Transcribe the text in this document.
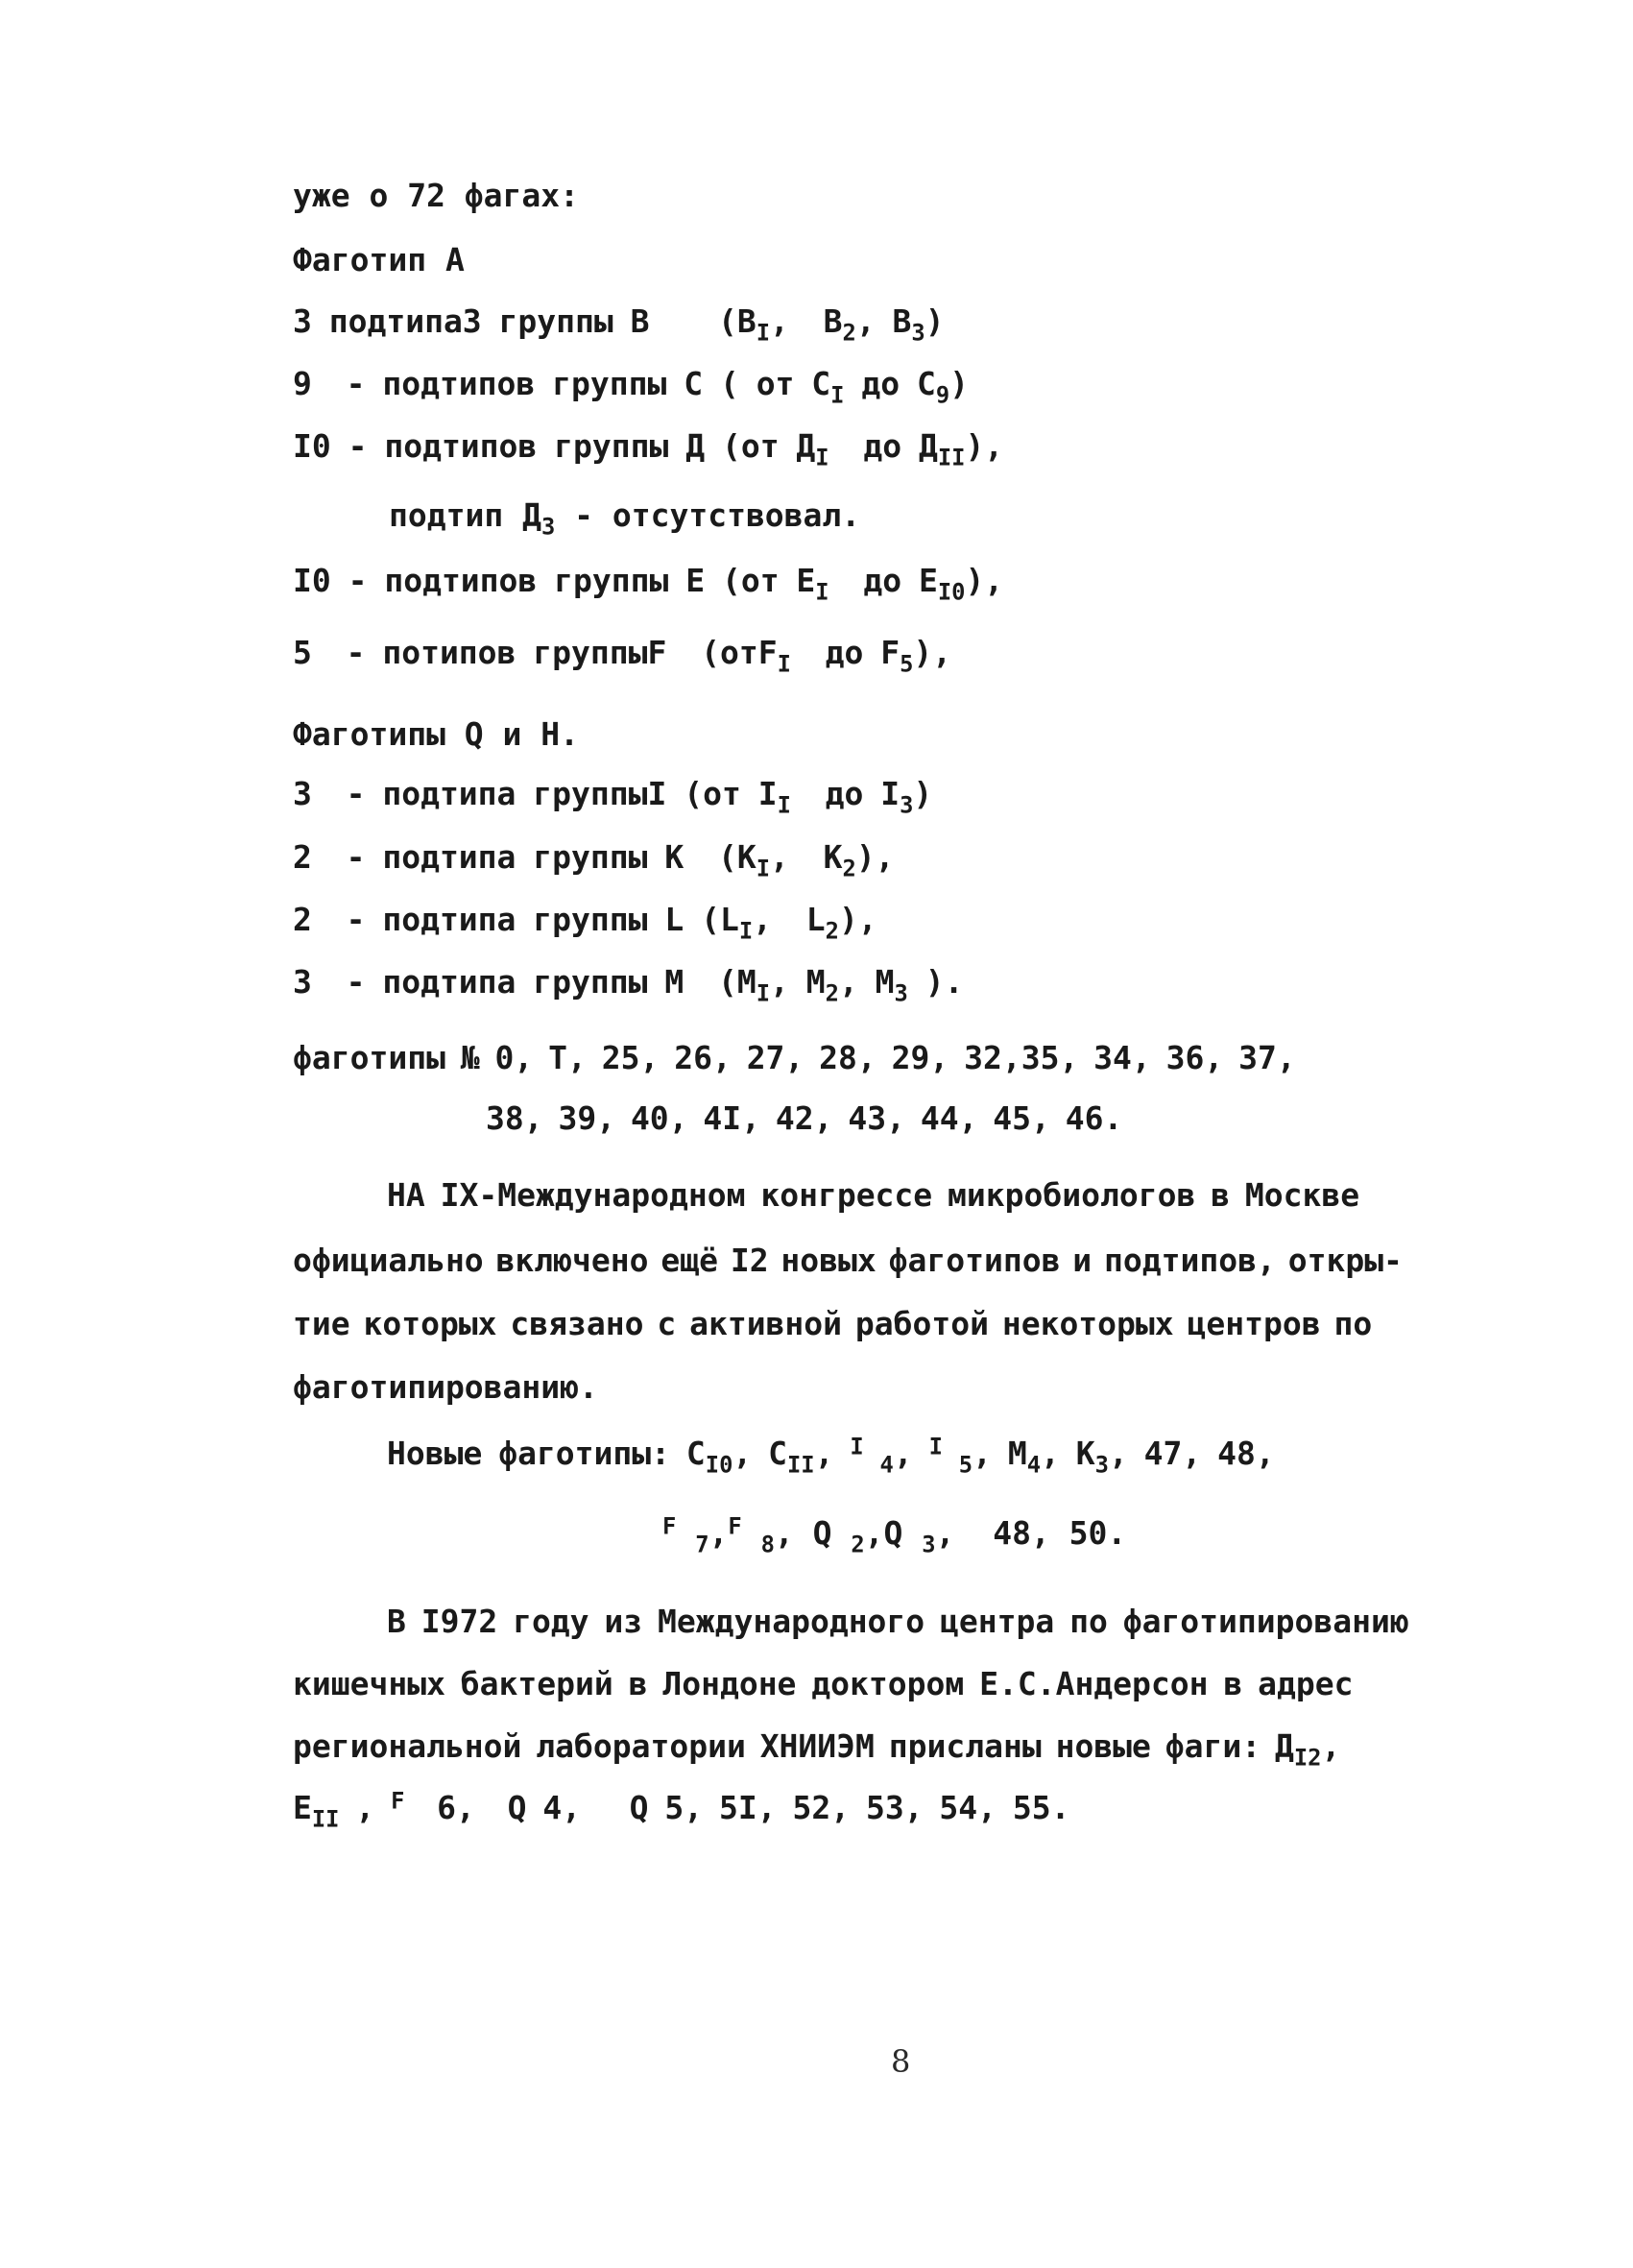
уже о 72 фагах:
Фаготип А
3 подтипа3 группы В    ($В_I$,  $В_2$, $В_3$)
9  - подтипов группы С ( от $С_I$ до $С_9$)
I0 - подтипов группы Д (от $Д_I$  до $Д_{II}$),
подтип $Д_3$ - отсутствовал.
I0 - подтипов группы Е (от $Е_I$  до $Е_{I0}$),
5  - потипов группыF  (отF$_I$  до $F_5$),
Фаготипы Q и Н.
3  - подтипа группыI (от $I_I$  до $I_3$)
2  - подтипа группы К  ($К_I$,  $К_2$),
2  - подтипа группы L ($L_I$,  $L_2$),
3  - подтипа группы М  ($М_I$, $М_2$, $М_3$ ).
фаготипы № 0, Т, 25, 26, 27, 28, 29, 32,35, 34, 36, 37,
38, 39, 40, 4I, 42, 43, 44, 45, 46.
НА IX-Международном конгрессе микробиологов в Москве
официально включено ещё I2 новых фаготипов и подтипов, откры-
тие которых связано с активной работой некоторых центров по
фаготипированию.
Новые фаготипы: $С_{I0}$, $С_{II}$, $^I$ $_4$, $^I$ $_5$, $М_4$, $К_3$, 47, 48,
$^F$ $_7$,$^F$ $_8$, Q $_2$,Q $_3$,  48, 50.
В I972 году из Международного центра по фаготипированию
кишечных бактерий в Лондоне доктором Е.С.Андерсон в адрес
региональной лаборатории ХНИИЭМ присланы новые фаги: $Д_{I2}$,
$Е_{II}$ , $^F$  6,  Q 4,   Q 5, 5I, 52, 53, 54, 55.
8
